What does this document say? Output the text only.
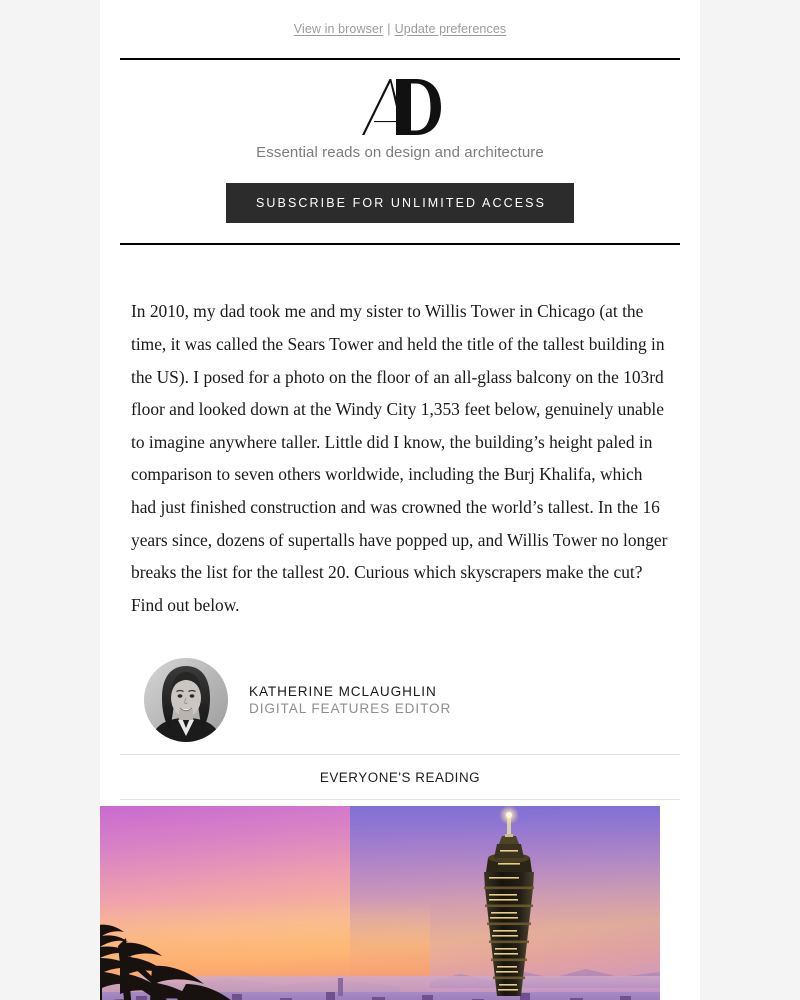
View in browser | Update preferences
Essential reads on design and architecture
SUBSCRIBE FOR UNLIMITED ACCESS

In 2010, my dad took me and my sister to Willis Tower in Chicago (at the time, it was called the Sears Tower and held the title of the tallest building in the US). I posed for a photo on the floor of an all-glass balcony on the 103rd floor and looked down at the Windy City 1,353 feet below, genuinely unable to imagine anywhere taller. Little did I know, the building’s height paled in comparison to seven others worldwide, including the Burj Khalifa, which had just finished construction and was crowned the world’s tallest. In the 16 years since, dozens of supertalls have popped up, and Willis Tower no longer breaks the list for the tallest 20. Curious which skyscrapers make the cut? Find out below.

KATHERINE MCLAUGHLIN
DIGITAL FEATURES EDITOR
EVERYONE'S READING
